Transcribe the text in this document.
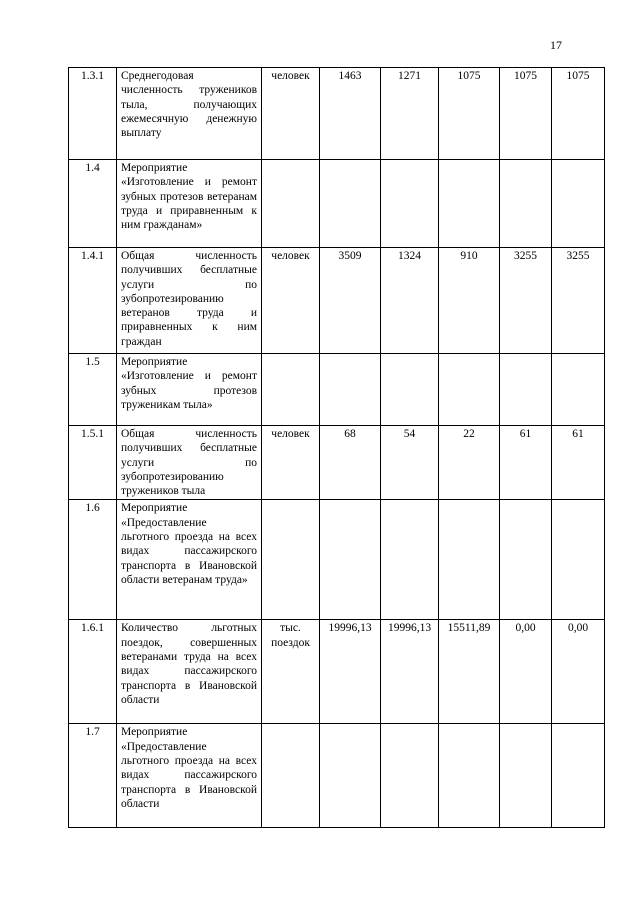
17
1.3.1	Среднегодовая численность тружеников тыла, получающих ежемесячную денежную выплату	человек	1463	1271	1075	1075	1075
1.4	Мероприятие «Изготовление и ремонт зубных протезов ветеранам труда и приравненным к ним гражданам»						
1.4.1	Общая численность получивших бесплатные услуги по зубопротезированию ветеранов труда и приравненных к ним граждан	человек	3509	1324	910	3255	3255
1.5	Мероприятие «Изготовление и ремонт зубных протезов труженикам тыла»						
1.5.1	Общая численность получивших бесплатные услуги по зубопротезированию тружеников тыла	человек	68	54	22	61	61
1.6	Мероприятие «Предоставление льготного проезда на всех видах пассажирского транспорта в Ивановской области ветеранам труда»						
1.6.1	Количество льготных поездок, совершенных ветеранами труда на всех видах пассажирского транспорта в Ивановской области	тыс. поездок	19996,13	19996,13	15511,89	0,00	0,00
1.7	Мероприятие «Предоставление льготного проезда на всех видах пассажирского транспорта в Ивановской области						
